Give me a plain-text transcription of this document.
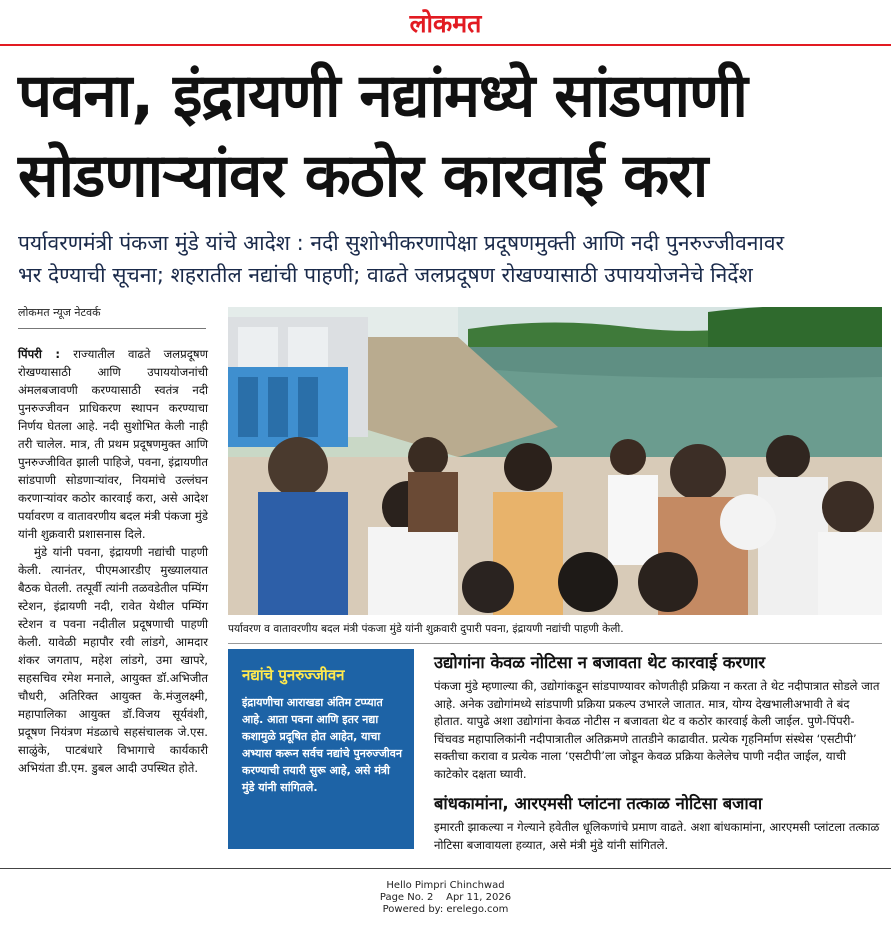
लोकमत
पवना, इंद्रायणी नद्यांमध्ये सांडपाणी
सोडणाऱ्यांवर कठोर कारवाई करा
पर्यावरणमंत्री पंकजा मुंडे यांचे आदेश : नदी सुशोभीकरणापेक्षा प्रदूषणमुक्ती आणि नदी पुनरुज्जीवनावर
भर देण्याची सूचना; शहरातील नद्यांची पाहणी; वाढते जलप्रदूषण रोखण्यासाठी उपाययोजनेचे निर्देश
लोकमत न्यूज नेटवर्क

पिंपरी : राज्यातील वाढते जलप्रदूषण रोखण्यासाठी आणि उपाययोजनांची अंमलबजावणी करण्यासाठी स्वतंत्र नदी पुनरुज्जीवन प्राधिकरण स्थापन करण्याचा निर्णय घेतला आहे. नदी सुशोभित केली नाही तरी चालेल. मात्र, ती प्रथम प्रदूषणमुक्त आणि पुनरुज्जीवित झाली पाहिजे, पवना, इंद्रायणीत सांडपाणी सोडणाऱ्यांवर, नियमांचे उल्लंघन करणाऱ्यांवर कठोर कारवाई करा, असे आदेश पर्यावरण व वातावरणीय बदल मंत्री पंकजा मुंडे यांनी शुक्रवारी प्रशासनास दिले.

मुंडे यांनी पवना, इंद्रायणी नद्यांची पाहणी केली. त्यानंतर, पीएमआरडीए मुख्यालयात बैठक घेतली. तत्पूर्वी त्यांनी तळवडेतील पम्पिंग स्टेशन, इंद्रायणी नदी, रावेत येथील पम्पिंग स्टेशन व पवना नदीतील प्रदूषणाची पाहणी केली. यावेळी महापौर रवी लांडगे, आमदार शंकर जगताप, महेश लांडगे, उमा खापरे, सहसचिव रमेश मनाले, आयुक्त डॉ.अभिजीत चौधरी, अतिरिक्त आयुक्त के.मंजुलक्ष्मी, महापालिका आयुक्त डॉ.विजय सूर्यवंशी, प्रदूषण नियंत्रण मंडळाचे सहसंचालक जे.एस. साळुंके, पाटबंधारे विभागाचे कार्यकारी अभियंता डी.एम. डुबल आदी उपस्थित होते.

पर्यावरण व वातावरणीय बदल मंत्री पंकजा मुंडे यांनी शुक्रवारी दुपारी पवना, इंद्रायणी नद्यांची पाहणी केली.
नद्यांचे पुनरुज्जीवन
इंद्रायणीचा आराखडा अंतिम टप्प्यात आहे. आता पवना आणि इतर नद्या कशामुळे प्रदूषित होत आहेत, याचा अभ्यास करून सर्वच नद्यांचे पुनरुज्जीवन करण्याची तयारी सुरू आहे, असे मंत्री मुंडे यांनी सांगितले.
उद्योगांना केवळ नोटिसा न बजावता थेट कारवाई करणार
पंकजा मुंडे म्हणाल्या की, उद्योगांकडून सांडपाण्यावर कोणतीही प्रक्रिया न करता ते थेट नदीपात्रात सोडले जात आहे. अनेक उद्योगांमध्ये सांडपाणी प्रक्रिया प्रकल्प उभारले जातात. मात्र, योग्य देखभालीअभावी ते बंद होतात. यापुढे अशा उद्योगांना केवळ नोटीस न बजावता थेट व कठोर कारवाई केली जाईल. पुणे-पिंपरी-चिंचवड महापालिकांनी नदीपात्रातील अतिक्रमणे तातडीने काढावीत. प्रत्येक गृहनिर्माण संस्थेस ‘एसटीपी’ सक्तीचा करावा व प्रत्येक नाला ‘एसटीपी’ला जोडून केवळ प्रक्रिया केलेलेच पाणी नदीत जाईल, याची काटेकोर दक्षता घ्यावी.
बांधकामांना, आरएमसी प्लांटना तत्काळ नोटिसा बजावा
इमारती झाकल्या न गेल्याने हवेतील धूलिकणांचे प्रमाण वाढते. अशा बांधकामांना, आरएमसी प्लांटला तत्काळ नोटिसा बजावायला हव्यात, असे मंत्री मुंडे यांनी सांगितले.
Hello Pimpri Chinchwad
Page No. 2    Apr 11, 2026
Powered by: erelego.com
